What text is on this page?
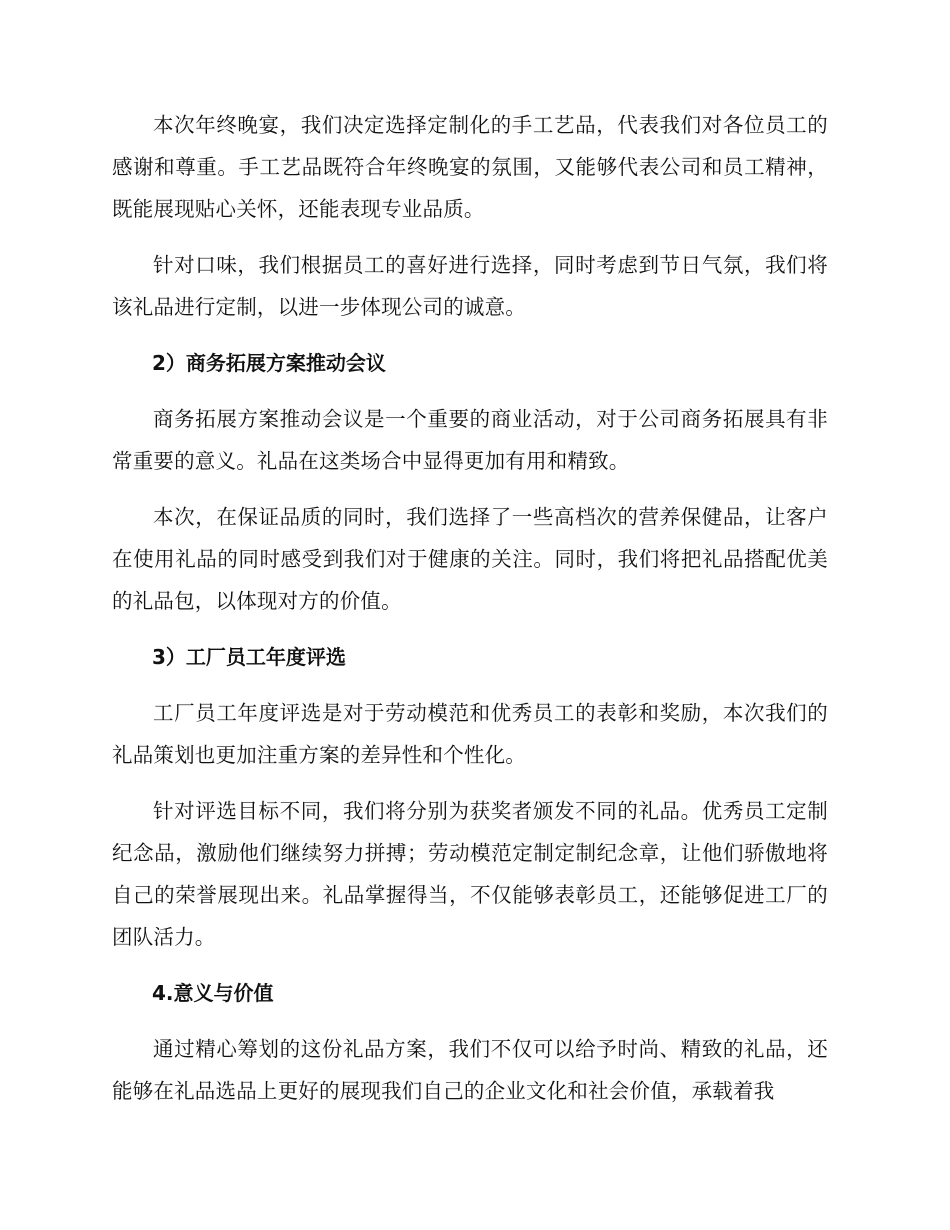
本次年终晚宴，我们决定选择定制化的手工艺品，代表我们对各位员工的感谢和尊重。手工艺品既符合年终晚宴的氛围，又能够代表公司和员工精神，既能展现贴心关怀，还能表现专业品质。

针对口味，我们根据员工的喜好进行选择，同时考虑到节日气氛，我们将该礼品进行定制，以进一步体现公司的诚意。

2）商务拓展方案推动会议

商务拓展方案推动会议是一个重要的商业活动，对于公司商务拓展具有非常重要的意义。礼品在这类场合中显得更加有用和精致。

本次，在保证品质的同时，我们选择了一些高档次的营养保健品，让客户在使用礼品的同时感受到我们对于健康的关注。同时，我们将把礼品搭配优美的礼品包，以体现对方的价值。

3）工厂员工年度评选

工厂员工年度评选是对于劳动模范和优秀员工的表彰和奖励，本次我们的礼品策划也更加注重方案的差异性和个性化。

针对评选目标不同，我们将分别为获奖者颁发不同的礼品。优秀员工定制纪念品，激励他们继续努力拼搏；劳动模范定制定制纪念章，让他们骄傲地将自己的荣誉展现出来。礼品掌握得当，不仅能够表彰员工，还能够促进工厂的团队活力。

4.意义与价值

通过精心筹划的这份礼品方案，我们不仅可以给予时尚、精致的礼品，还能够在礼品选品上更好的展现我们自己的企业文化和社会价值，承载着我
